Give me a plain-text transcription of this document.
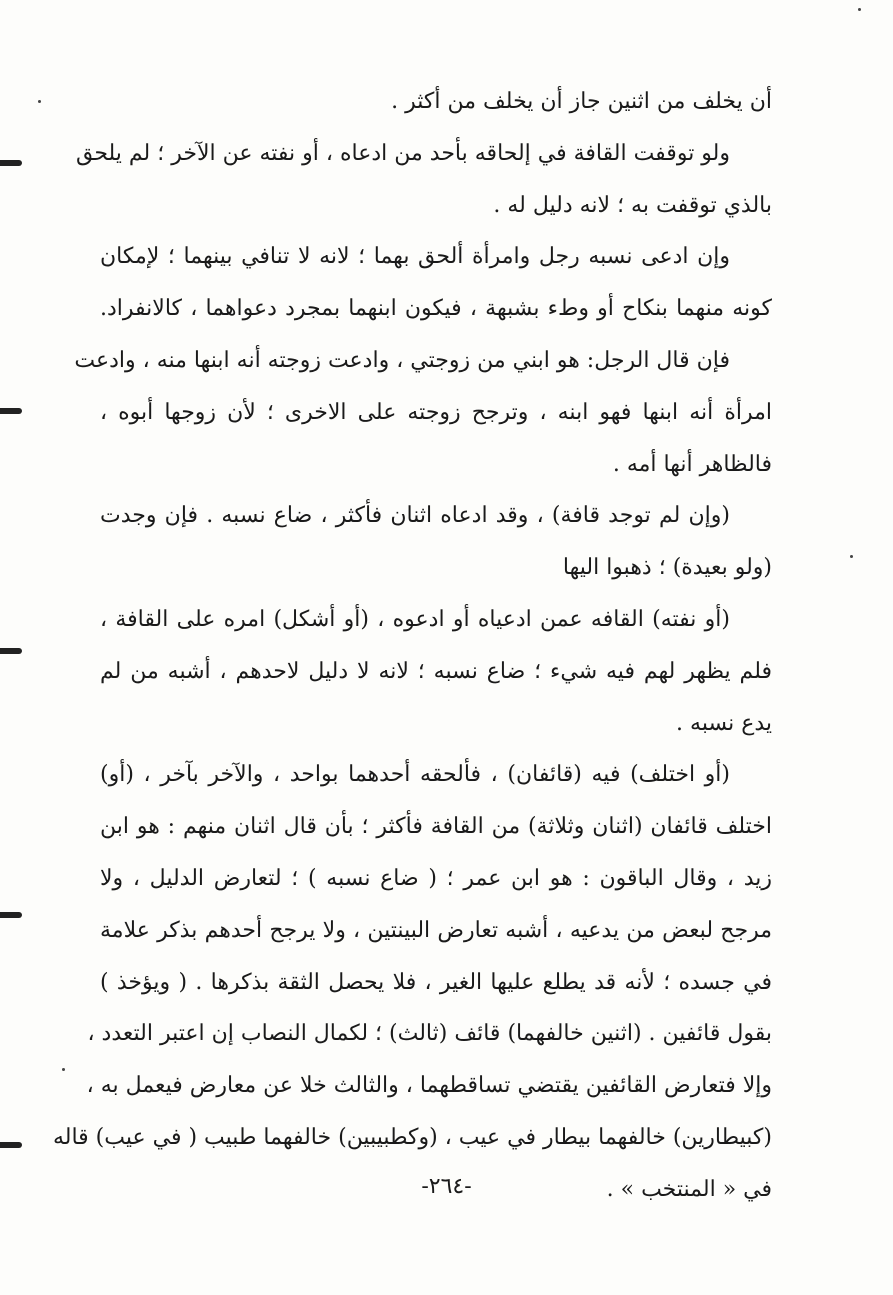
أن يخلف من اثنين جاز أن يخلف من أكثر .
ولو توقفت القافة في إلحاقه بأحد من ادعاه ، أو نفته عن الآخر ؛ لم يلحق
بالذي توقفت به ؛ لانه دليل له .
وإن ادعى نسبه رجل وامرأة ألحق بهما ؛ لانه لا تنافي بينهما ؛ لإمكان
كونه منهما بنكاح أو وطء بشبهة ، فيكون ابنهما بمجرد دعواهما ، كالانفراد.
فإن قال الرجل: هو ابني من زوجتي ، وادعت زوجته أنه ابنها منه ، وادعت
امرأة أنه ابنها فهو ابنه ، وترجح زوجته على الاخرى ؛ لأن زوجها أبوه ،
فالظاهر أنها أمه .
(وإن لم توجد قافة) ، وقد ادعاه اثنان فأكثر ، ضاع نسبه . فإن وجدت
(ولو بعيدة) ؛ ذهبوا اليها
(أو نفته) القافه عمن ادعياه أو ادعوه ، (أو أشكل) امره على القافة ،
فلم يظهر لهم فيه شيء ؛ ضاع نسبه ؛ لانه لا دليل لاحدهم ، أشبه من لم
يدع نسبه .
(أو اختلف) فيه (قائفان) ، فألحقه أحدهما بواحد ، والآخر بآخر ، (أو)
اختلف قائفان (اثنان وثلاثة) من القافة فأكثر ؛ بأن قال اثنان منهم : هو ابن
زيد ، وقال الباقون : هو ابن عمر ؛ ( ضاع نسبه ) ؛ لتعارض الدليل ، ولا
مرجح لبعض من يدعيه ، أشبه تعارض البينتين ، ولا يرجح أحدهم بذكر علامة
في جسده ؛ لأنه قد يطلع عليها الغير ، فلا يحصل الثقة بذكرها . ( ويؤخذ )
بقول قائفين . (اثنين خالفهما) قائف (ثالث) ؛ لكمال النصاب إن اعتبر التعدد ،
وإلا فتعارض القائفين يقتضي تساقطهما ، والثالث خلا عن معارض فيعمل به ،
(كبيطارين) خالفهما بيطار في عيب ، (وكطبيبين) خالفهما طبيب ( في عيب) قاله
في « المنتخب » .
-٢٦٤-
